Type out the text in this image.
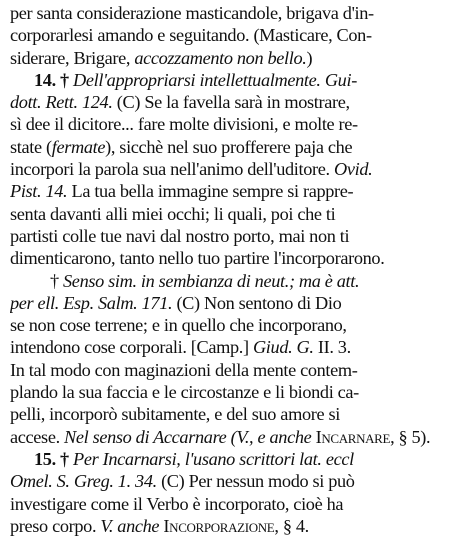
per santa considerazione masticandole, brigava d'in-
corporarlesi amando e seguitando. (Masticare, Con-
siderare, Brigare, accozzamento non bello.)
14. † Dell'appropriarsi intellettualmente. Gui-
dott. Rett. 124. (C) Se la favella sarà in mostrare,
sì dee il dicitore... fare molte divisioni, e molte re-
state (fermate), sicchè nel suo profferere paja che
incorpori la parola sua nell'animo dell'uditore. Ovid.
Pist. 14. La tua bella immagine sempre si rappre-
senta davanti alli miei occhi; li quali, poi che ti
partisti colle tue navi dal nostro porto, mai non ti
dimenticarono, tanto nello tuo partire l'incorporarono.
† Senso sim. in sembianza di neut.; ma è att.
per ell. Esp. Salm. 171. (C) Non sentono di Dio
se non cose terrene; e in quello che incorporano,
intendono cose corporali. [Camp.] Giud. G. II. 3.
In tal modo con maginazioni della mente contem-
plando la sua faccia e le circostanze e li biondi ca-
pelli, incorporò subitamente, e del suo amore si
accese. Nel senso di Accarnare (V., e anche Incarnare, § 5).
15. † Per Incarnarsi, l'usano scrittori lat. eccl
Omel. S. Greg. 1. 34. (C) Per nessun modo si può
investigare come il Verbo è incorporato, cioè ha
preso corpo. V. anche Incorporazione, § 4.
